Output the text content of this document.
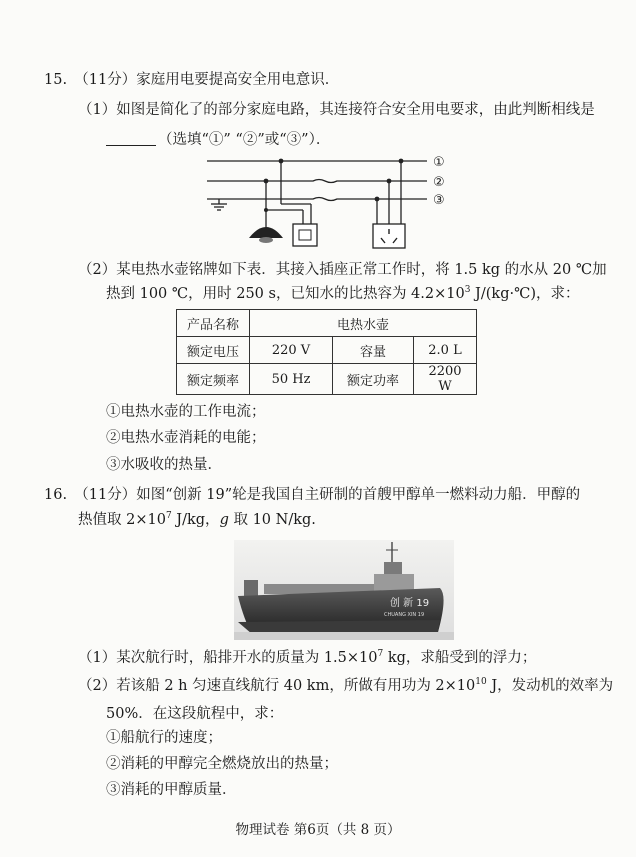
15.　（11分）家庭用电要提高安全用电意识．
（1）如图是简化了的部分家庭电路，其连接符合安全用电要求，由此判断相线是
（选填“①” “②”或“③”）．
①
②
③
（2）某电热水壶铭牌如下表．其接入插座正常工作时，将 1.5 kg 的水从 20 ℃加
热到 100 ℃，用时 250 s，已知水的比热容为 $4.2\times 10^3$ J/(kg·℃)，求：
产品名称	电热水壶		
额定电压	220 V	容量	2.0 L
额定频率	50 Hz	额定功率	2200 W
①电热水壶的工作电流；
②电热水壶消耗的电能；
③水吸收的热量．
16.　（11分）如图“创新 19”轮是我国自主研制的首艘甲醇单一燃料动力船．甲醇的
热值取 $2\times 10^7$ J/kg，g 取 10 N/kg.
创 新 19
CHUANG XIN 19
（1）某次航行时，船排开水的质量为 $1.5\times 10^7$ kg，求船受到的浮力；
（2）若该船 2 h 匀速直线航行 40 km，所做有用功为 $2\times 10^{10}$ J，发动机的效率为
50%．在这段航程中，求：
①船航行的速度；
②消耗的甲醇完全燃烧放出的热量；
③消耗的甲醇质量．
物理试卷 第6页（共 8 页）
